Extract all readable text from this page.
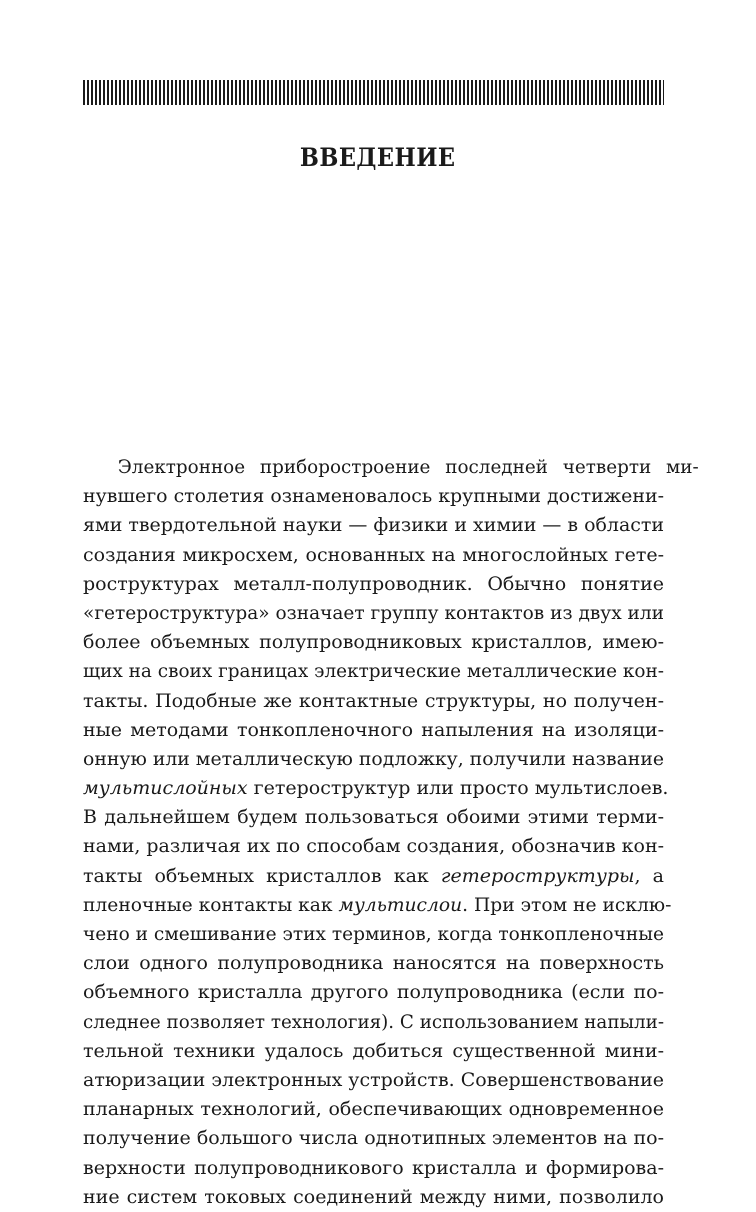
ВВЕДЕНИЕ
Электронное приборостроение последней четверти ми-
нувшего столетия ознаменовалось крупными достижени-
ями твердотельной науки — физики и химии — в области
создания микросхем, основанных на многослойных гете-
роструктурах металл-полупроводник. Обычно понятие
«гетероструктура» означает группу контактов из двух или
более объемных полупроводниковых кристаллов, имею-
щих на своих границах электрические металлические кон-
такты. Подобные же контактные структуры, но получен-
ные методами тонкопленочного напыления на изоляци-
онную или металлическую подложку, получили название
мультислойных гетероструктур или просто мультислоев.
В дальнейшем будем пользоваться обоими этими терми-
нами, различая их по способам создания, обозначив кон-
такты объемных кристаллов как гетероструктуры, а
пленочные контакты как мультислои. При этом не исклю-
чено и смешивание этих терминов, когда тонкопленочные
слои одного полупроводника наносятся на поверхность
объемного кристалла другого полупроводника (если по-
следнее позволяет технология). С использованием напыли-
тельной техники удалось добиться существенной мини-
атюризации электронных устройств. Совершенствование
планарных технологий, обеспечивающих одновременное
получение большого числа однотипных элементов на по-
верхности полупроводникового кристалла и формирова-
ние систем токовых соединений между ними, позволило
